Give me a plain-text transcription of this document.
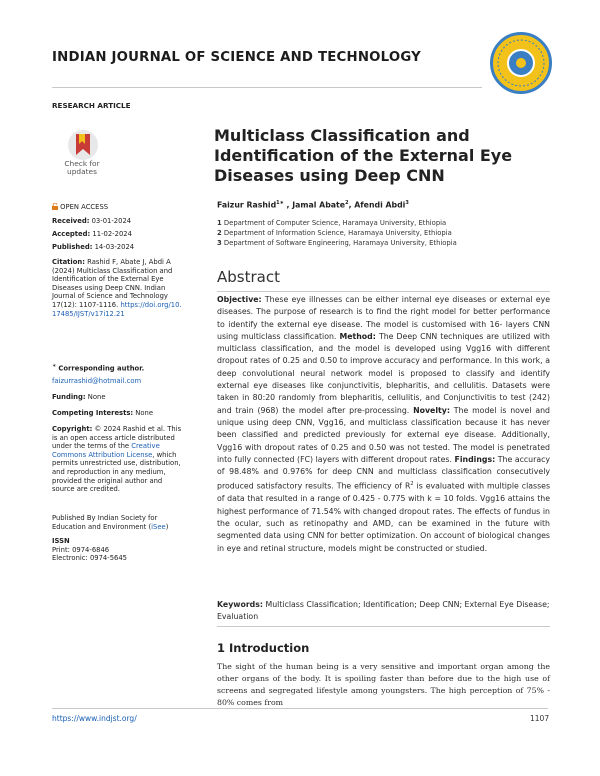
INDIAN JOURNAL OF SCIENCE AND TECHNOLOGY
RESEARCH ARTICLE
Check for
updates
Multiclass Classification and
Identification of the External Eye
Diseases using Deep CNN
Faizur Rashid$^{1∗}$ , Jamal Abate$^2$, Afendi Abdi$^3$
1 Department of Computer Science, Haramaya University, Ethiopia
2 Department of Information Science, Haramaya University, Ethiopia
3 Department of Software Engineering, Haramaya University, Ethiopia
OPEN ACCESS
Received: 03-01-2024
Accepted: 11-02-2024
Published: 14-03-2024
Citation: Rashid F, Abate J, Abdi A (2024) Multiclass Classification and Identification of the External Eye Diseases using Deep CNN. Indian Journal of Science and Technology 17(12): 1107-1116. https://doi.org/10.17485/IJST/v17i12.21
∗ Corresponding author.
faizurrashid@hotmail.com
Funding: None
Competing Interests: None
Copyright: © 2024 Rashid et al. This is an open access article distributed under the terms of the Creative Commons Attribution License, which permits unrestricted use, distribution, and reproduction in any medium, provided the original author and source are credited.
Published By Indian Society for Education and Environment (iSee)
ISSN
Print: 0974-6846
Electronic: 0974-5645
Abstract
Objective: These eye illnesses can be either internal eye diseases or external eye diseases. The purpose of research is to find the right model for better performance to identify the external eye disease. The model is customised with 16- layers CNN using multiclass classification. Method: The Deep CNN techniques are utilized with multiclass classification, and the model is developed using Vgg16 with different dropout rates of 0.25 and 0.50 to improve accuracy and performance. In this work, a deep convolutional neural network model is proposed to classify and identify external eye diseases like conjunctivitis, blepharitis, and cellulitis. Datasets were taken in 80:20 randomly from blepharitis, cellulitis, and Conjunctivitis to test (242) and train (968) the model after pre-processing. Novelty: The model is novel and unique using deep CNN, Vgg16, and multiclass classification because it has never been classified and predicted previously for external eye disease. Additionally, Vgg16 with dropout rates of 0.25 and 0.50 was not tested. The model is penetrated into fully connected (FC) layers with different dropout rates. Findings: The accuracy of 98.48% and 0.976% for deep CNN and multiclass classification consecutively produced satisfactory results. The efficiency of $R^2$ is evaluated with multiple classes of data that resulted in a range of 0.425 - 0.775 with k = 10 folds. Vgg16 attains the highest performance of 71.54% with changed dropout rates. The effects of fundus in the ocular, such as retinopathy and AMD, can be examined in the future with segmented data using CNN for better optimization. On account of biological changes in eye and retinal structure, models might be constructed or studied.
Keywords: Multiclass Classification; Identification; Deep CNN; External Eye Disease; Evaluation
1 Introduction
The sight of the human being is a very sensitive and important organ among the other organs of the body. It is spoiling faster than before due to the high use of screens and segregated lifestyle among youngsters. The high perception of 75% - 80% comes from
https://www.indjst.org/	1107
